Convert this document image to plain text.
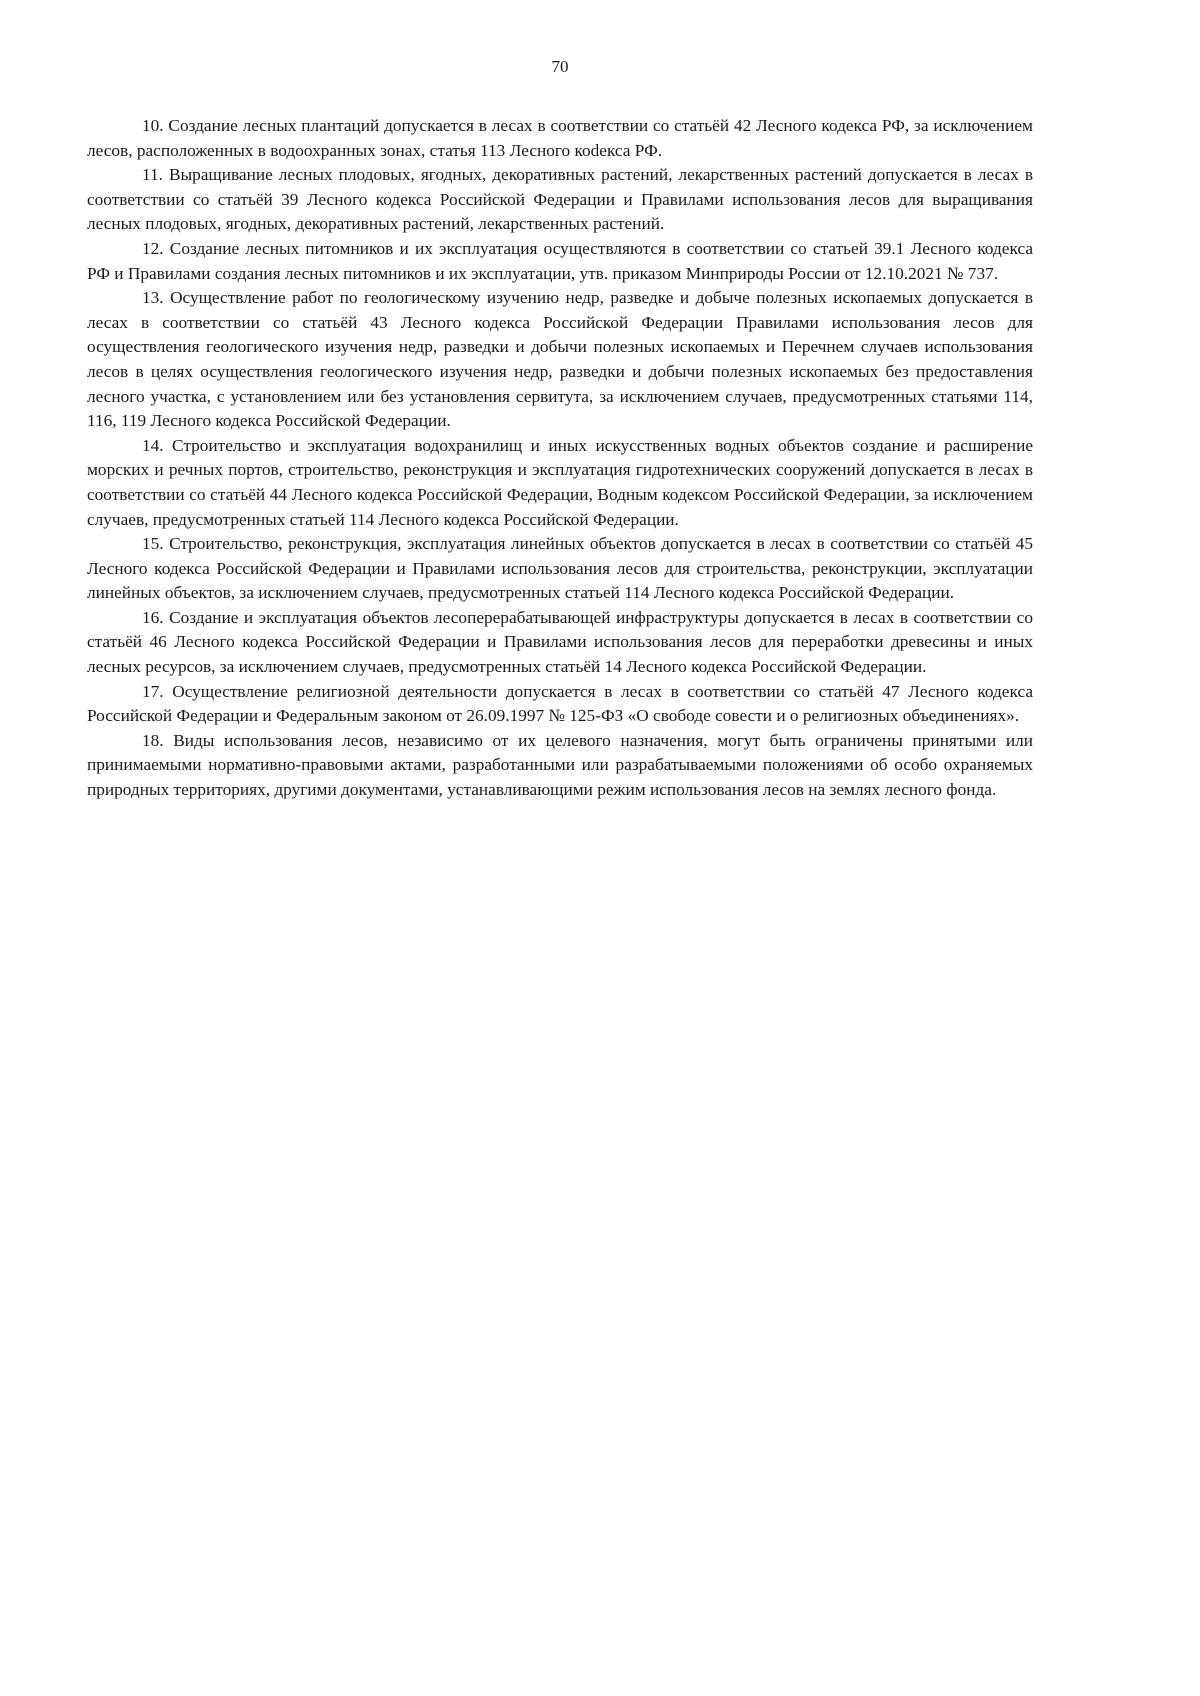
70

10. Создание лесных плантаций допускается в лесах в соответствии со статьёй 42 Лесного кодекса РФ, за исключением лесов, расположенных в водоохранных зонах, статья 113 Лесного коdекса РФ.

11. Выращивание лесных плодовых, ягодных, декоративных растений, лекарственных растений допускается в лесах в соответствии со статьёй 39 Лесного кодекса Российской Федерации и Правилами использования лесов для выращивания лесных плодовых, ягодных, декоративных растений, лекарственных растений.

12. Создание лесных питомников и их эксплуатация осуществляются в соответствии со статьей 39.1 Лесного кодекса РФ и Правилами создания лесных питомников и их эксплуатации, утв. приказом Минприроды России от 12.10.2021 № 737.

13. Осуществление работ по геологическому изучению недр, разведке и добыче полезных ископаемых допускается в лесах в соответствии со статьёй 43 Лесного кодекса Российской Федерации Правилами использования лесов для осуществления геологического изучения недр, разведки и добычи полезных ископаемых и Перечнем случаев использования лесов в целях осуществления геологического изучения недр, разведки и добычи полезных ископаемых без предоставления лесного участка, с установлением или без установления сервитута, за исключением случаев, предусмотренных статьями 114, 116, 119 Лесного кодекса Российской Федерации.

14. Строительство и эксплуатация водохранилищ и иных искусственных водных объектов создание и расширение морских и речных портов, строительство, реконструкция и эксплуатация гидротехнических сооружений допускается в лесах в соответствии со статьёй 44 Лесного кодекса Российской Федерации, Водным кодексом Российской Федерации, за исключением случаев, предусмотренных статьей 114 Лесного кодекса Российской Федерации.

15. Строительство, реконструкция, эксплуатация линейных объектов допускается в лесах в соответствии со статьёй 45 Лесного кодекса Российской Федерации и Правилами использования лесов для строительства, реконструкции, эксплуатации линейных объектов, за исключением случаев, предусмотренных статьей 114 Лесного кодекса Российской Федерации.

16. Создание и эксплуатация объектов лесоперерабатывающей инфраструктуры допускается в лесах в соответствии со статьёй 46 Лесного кодекса Российской Федерации и Правилами использования лесов для переработки древесины и иных лесных ресурсов, за исключением случаев, предусмотренных статьёй 14 Лесного кодекса Российской Федерации.

17. Осуществление религиозной деятельности допускается в лесах в соответствии со статьёй 47 Лесного кодекса Российской Федерации и Федеральным законом от 26.09.1997 № 125-ФЗ «О свободе совести и о религиозных объединениях».

18. Виды использования лесов, независимо от их целевого назначения, могут быть ограничены принятыми или принимаемыми нормативно-правовыми актами, разработанными или разрабатываемыми положениями об особо охраняемых природных территориях, другими документами, устанавливающими режим использования лесов на землях лесного фонда.
